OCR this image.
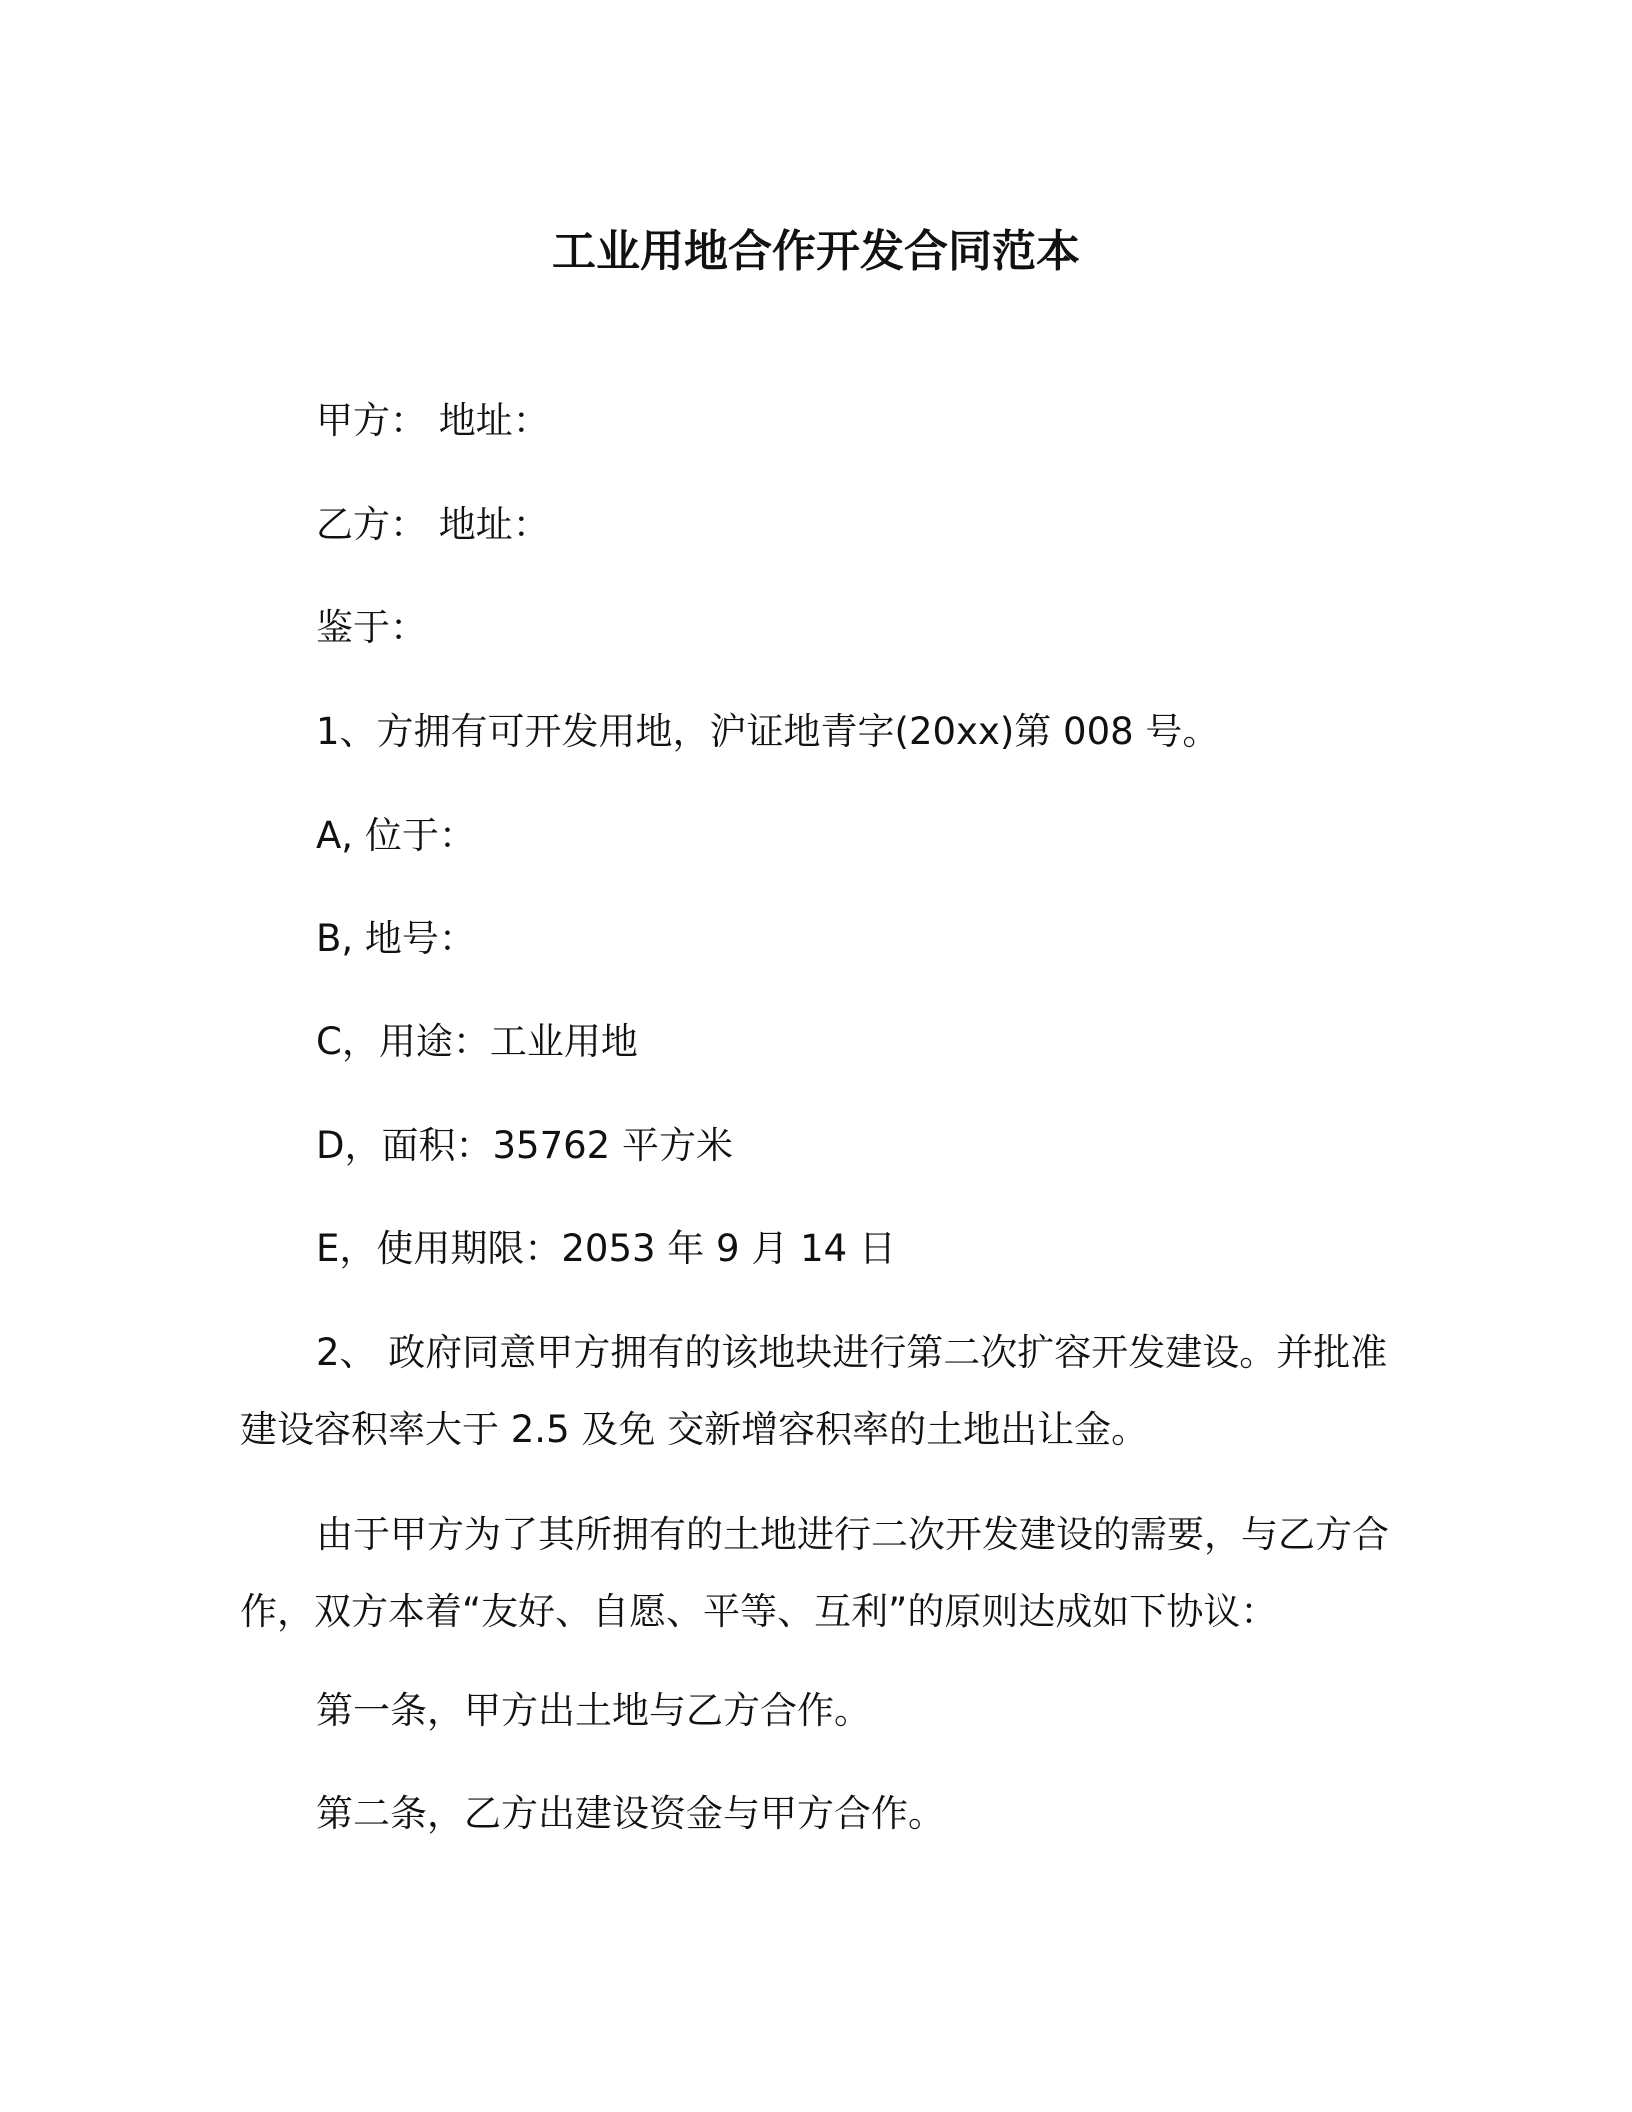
工业用地合作开发合同范本
甲方： 地址：
乙方： 地址：
鉴于：
1、方拥有可开发用地，沪证地青字(20xx)第 008 号。
A, 位于：
B, 地号：
C，用途：工业用地
D，面积：35762 平方米
E，使用期限：2053 年 9 月 14 日
2、 政府同意甲方拥有的该地块进行第二次扩容开发建设。并批准建设容积率大于 2.5 及免 交新增容积率的土地出让金。
由于甲方为了其所拥有的土地进行二次开发建设的需要，与乙方合作，双方本着“友好、自愿、平等、互利”的原则达成如下协议：
第一条，甲方出土地与乙方合作。
第二条，乙方出建设资金与甲方合作。
